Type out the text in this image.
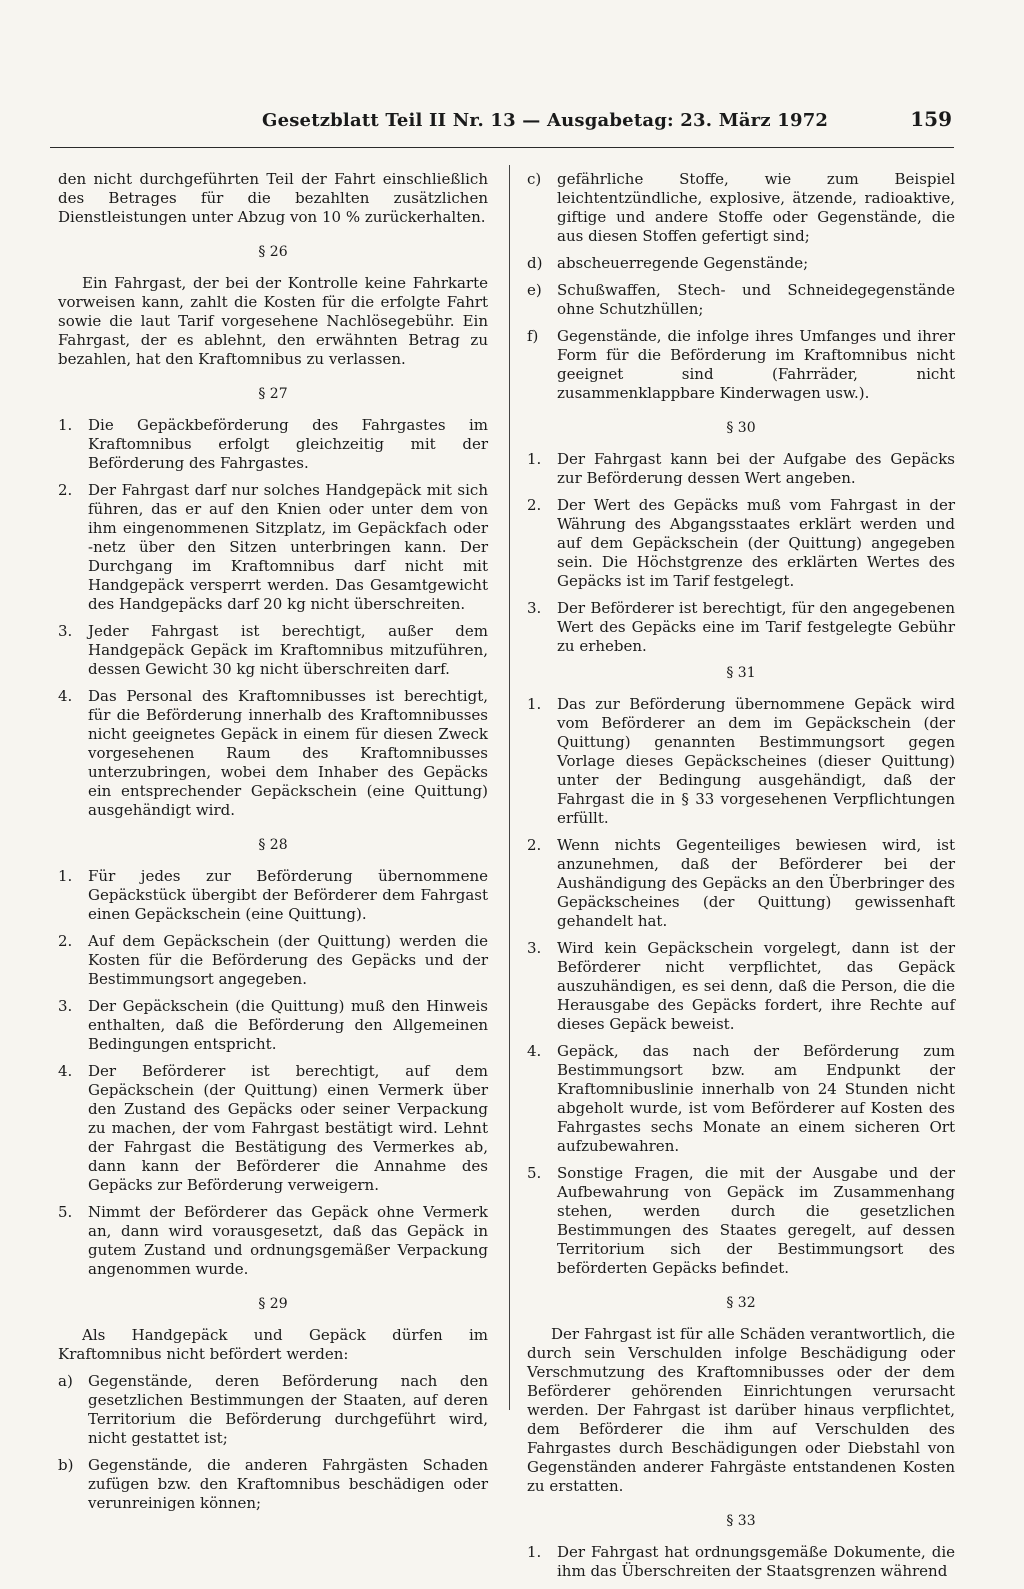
Gesetzblatt Teil II Nr. 13 — Ausgabetag: 23. März 1972	159

den nicht durchgeführten Teil der Fahrt einschließlich des Betrages für die bezahlten zusätzlichen Dienstleistungen unter Abzug von 10 % zurückerhalten.

§ 26

Ein Fahrgast, der bei der Kontrolle keine Fahrkarte vorweisen kann, zahlt die Kosten für die erfolgte Fahrt sowie die laut Tarif vorgesehene Nachlösegebühr. Ein Fahrgast, der es ablehnt, den erwähnten Betrag zu bezahlen, hat den Kraftomnibus zu verlassen.

§ 27
1.	Die Gepäckbeförderung des Fahrgastes im Kraftomnibus erfolgt gleichzeitig mit der Beförderung des Fahrgastes.
2.	Der Fahrgast darf nur solches Handgepäck mit sich führen, das er auf den Knien oder unter dem von ihm eingenommenen Sitzplatz, im Gepäckfach oder -netz über den Sitzen unterbringen kann. Der Durchgang im Kraftomnibus darf nicht mit Handgepäck versperrt werden. Das Gesamtgewicht des Handgepäcks darf 20 kg nicht überschreiten.
3.	Jeder Fahrgast ist berechtigt, außer dem Handgepäck Gepäck im Kraftomnibus mitzuführen, dessen Gewicht 30 kg nicht überschreiten darf.
4.	Das Personal des Kraftomnibusses ist berechtigt, für die Beförderung innerhalb des Kraftomnibusses nicht geeignetes Gepäck in einem für diesen Zweck vorgesehenen Raum des Kraftomnibusses unterzubringen, wobei dem Inhaber des Gepäcks ein entsprechender Gepäckschein (eine Quittung) ausgehändigt wird.
§ 28
1.	Für jedes zur Beförderung übernommene Gepäckstück übergibt der Beförderer dem Fahrgast einen Gepäckschein (eine Quittung).
2.	Auf dem Gepäckschein (der Quittung) werden die Kosten für die Beförderung des Gepäcks und der Bestimmungsort angegeben.
3.	Der Gepäckschein (die Quittung) muß den Hinweis enthalten, daß die Beförderung den Allgemeinen Bedingungen entspricht.
4.	Der Beförderer ist berechtigt, auf dem Gepäckschein (der Quittung) einen Vermerk über den Zustand des Gepäcks oder seiner Verpackung zu machen, der vom Fahrgast bestätigt wird. Lehnt der Fahrgast die Bestätigung des Vermerkes ab, dann kann der Beförderer die Annahme des Gepäcks zur Beförderung verweigern.
5.	Nimmt der Beförderer das Gepäck ohne Vermerk an, dann wird vorausgesetzt, daß das Gepäck in gutem Zustand und ordnungsgemäßer Verpackung angenommen wurde.
§ 29

Als Handgepäck und Gepäck dürfen im Kraftomnibus nicht befördert werden:

a)	Gegenstände, deren Beförderung nach den gesetzlichen Bestimmungen der Staaten, auf deren Territorium die Beförderung durchgeführt wird, nicht gestattet ist;
b) Gegenstände, die anderen Fahrgästen Schaden zufügen bzw. den Kraftomnibus beschädigen oder verunreinigen können;
c)	gefährliche Stoffe, wie zum Beispiel leichtentzündliche, explosive, ätzende, radioaktive, giftige und andere Stoffe oder Gegenstände, die aus diesen Stoffen gefertigt sind;
d) abscheuerregende Gegenstände;
e)	Schußwaffen, Stech- und Schneidegegenstände ohne Schutzhüllen;
f)	Gegenstände, die infolge ihres Umfanges und ihrer Form für die Beförderung im Kraftomnibus nicht geeignet sind (Fahrräder, nicht zusammenklappbare Kinderwagen usw.).
§ 30
1.	Der Fahrgast kann bei der Aufgabe des Gepäcks zur Beförderung dessen Wert angeben.
2.	Der Wert des Gepäcks muß vom Fahrgast in der Währung des Abgangsstaates erklärt werden und auf dem Gepäckschein (der Quittung) angegeben sein. Die Höchstgrenze des erklärten Wertes des Gepäcks ist im Tarif festgelegt.
3.	Der Beförderer ist berechtigt, für den angegebenen Wert des Gepäcks eine im Tarif festgelegte Gebühr zu erheben.
§ 31
1.	Das zur Beförderung übernommene Gepäck wird vom Beförderer an dem im Gepäckschein (der Quittung) genannten Bestimmungsort gegen Vorlage dieses Gepäckscheines (dieser Quittung) unter der Bedingung ausgehändigt, daß der Fahrgast die in § 33 vorgesehenen Verpflichtungen erfüllt.
2.	Wenn nichts Gegenteiliges bewiesen wird, ist anzunehmen, daß der Beförderer bei der Aushändigung des Gepäcks an den Überbringer des Gepäckscheines (der Quittung) gewissenhaft gehandelt hat.
3.	Wird kein Gepäckschein vorgelegt, dann ist der Beförderer nicht verpflichtet, das Gepäck auszuhändigen, es sei denn, daß die Person, die die Herausgabe des Gepäcks fordert, ihre Rechte auf dieses Gepäck beweist.
4.	Gepäck, das nach der Beförderung zum Bestimmungsort bzw. am Endpunkt der Kraftomnibuslinie innerhalb von 24 Stunden nicht abgeholt wurde, ist vom Beförderer auf Kosten des Fahrgastes sechs Monate an einem sicheren Ort aufzubewahren.
5.	Sonstige Fragen, die mit der Ausgabe und der Aufbewahrung von Gepäck im Zusammenhang stehen, werden durch die gesetzlichen Bestimmungen des Staates geregelt, auf dessen Territorium sich der Bestimmungsort des beförderten Gepäcks befindet.
§ 32

Der Fahrgast ist für alle Schäden verantwortlich, die durch sein Verschulden infolge Beschädigung oder Verschmutzung des Kraftomnibusses oder der dem Beförderer gehörenden Einrichtungen verursacht werden. Der Fahrgast ist darüber hinaus verpflichtet, dem Beförderer die ihm auf Verschulden des Fahrgastes durch Beschädigungen oder Diebstahl von Gegenständen anderer Fahrgäste entstandenen Kosten zu erstatten.

§ 33
1.	Der Fahrgast hat ordnungsgemäße Dokumente, die ihm das Überschreiten der Staatsgrenzen während
